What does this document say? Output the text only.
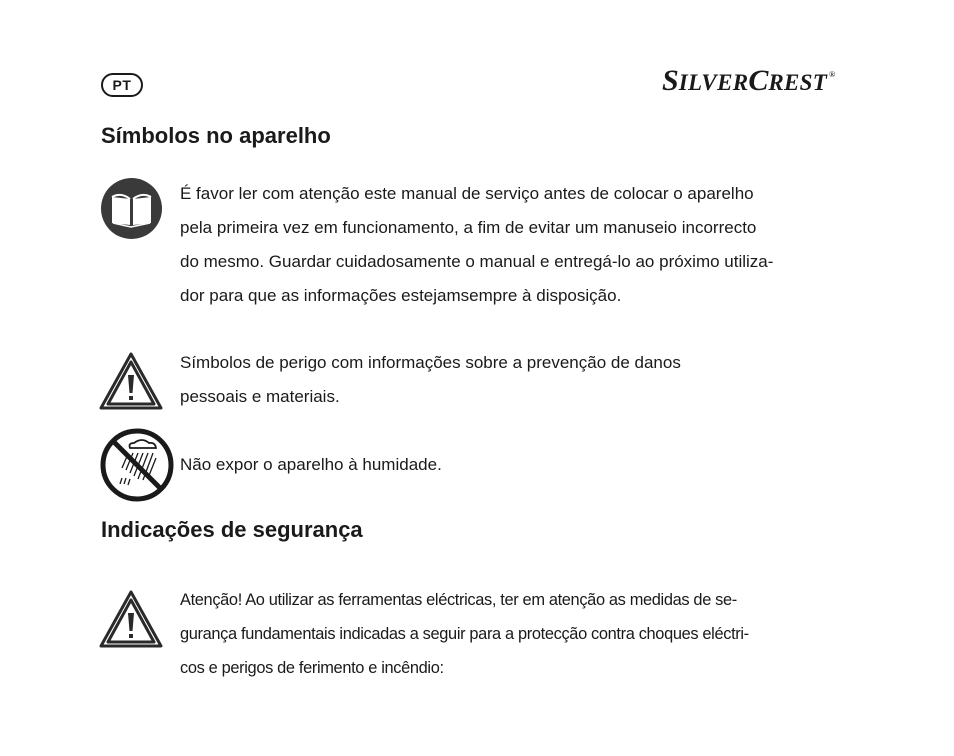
PT	S ILVER C REST ®
Símbolos no aparelho

É favor ler com atenção este manual de serviço antes de colocar o aparelho
pela primeira vez em funcionamento, a fim de evitar um manuseio incorrecto
do mesmo. Guardar cuidadosamente o manual e entregá-lo ao próximo utiliza-
dor para que as informações estejamsempre à disposição.

Símbolos de perigo com informações sobre a prevenção de danos
pessoais e materiais.

Não expor o aparelho à humidade.

Indicações de segurança

Atenção! Ao utilizar as ferramentas eléctricas, ter em atenção as medidas de se-
gurança fundamentais indicadas a seguir para a protecção contra choques eléctri-
cos e perigos de ferimento e incêndio:
